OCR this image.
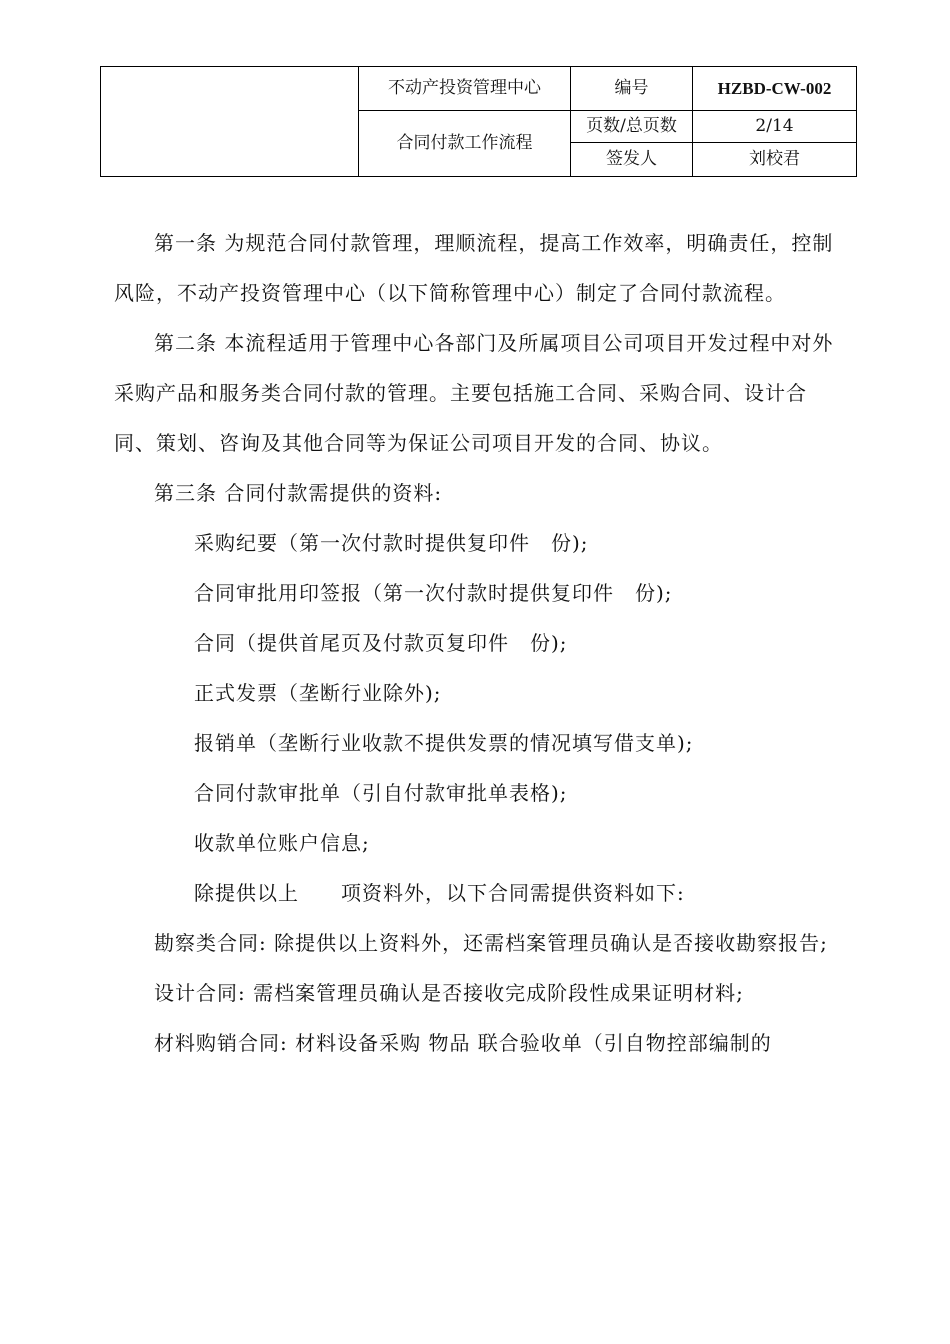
	不动产投资管理中心	编号	HZBD-CW-002
	合同付款工作流程	页数/总页数	2/14
		签发人	刘校君

第一条 为规范合同付款管理，理顺流程，提高工作效率，明确责任，控制风险，不动产投资管理中心（以下简称管理中心）制定了合同付款流程。

第二条 本流程适用于管理中心各部门及所属项目公司项目开发过程中对外采购产品和服务类合同付款的管理。主要包括施工合同、采购合同、设计合同、策划、咨询及其他合同等为保证公司项目开发的合同、协议。

第三条 合同付款需提供的资料:

采购纪要（第一次付款时提供复印件　份);

合同审批用印签报（第一次付款时提供复印件　份);

合同（提供首尾页及付款页复印件　份);

正式发票（垄断行业除外);

报销单（垄断行业收款不提供发票的情况填写借支单);

合同付款审批单（引自付款审批单表格);

收款单位账户信息;

除提供以上　　项资料外，以下合同需提供资料如下:

勘察类合同: 除提供以上资料外，还需档案管理员确认是否接收勘察报告;

设计合同: 需档案管理员确认是否接收完成阶段性成果证明材料;

材料购销合同: 材料设备采购 物品 联合验收单（引自物控部编制的
